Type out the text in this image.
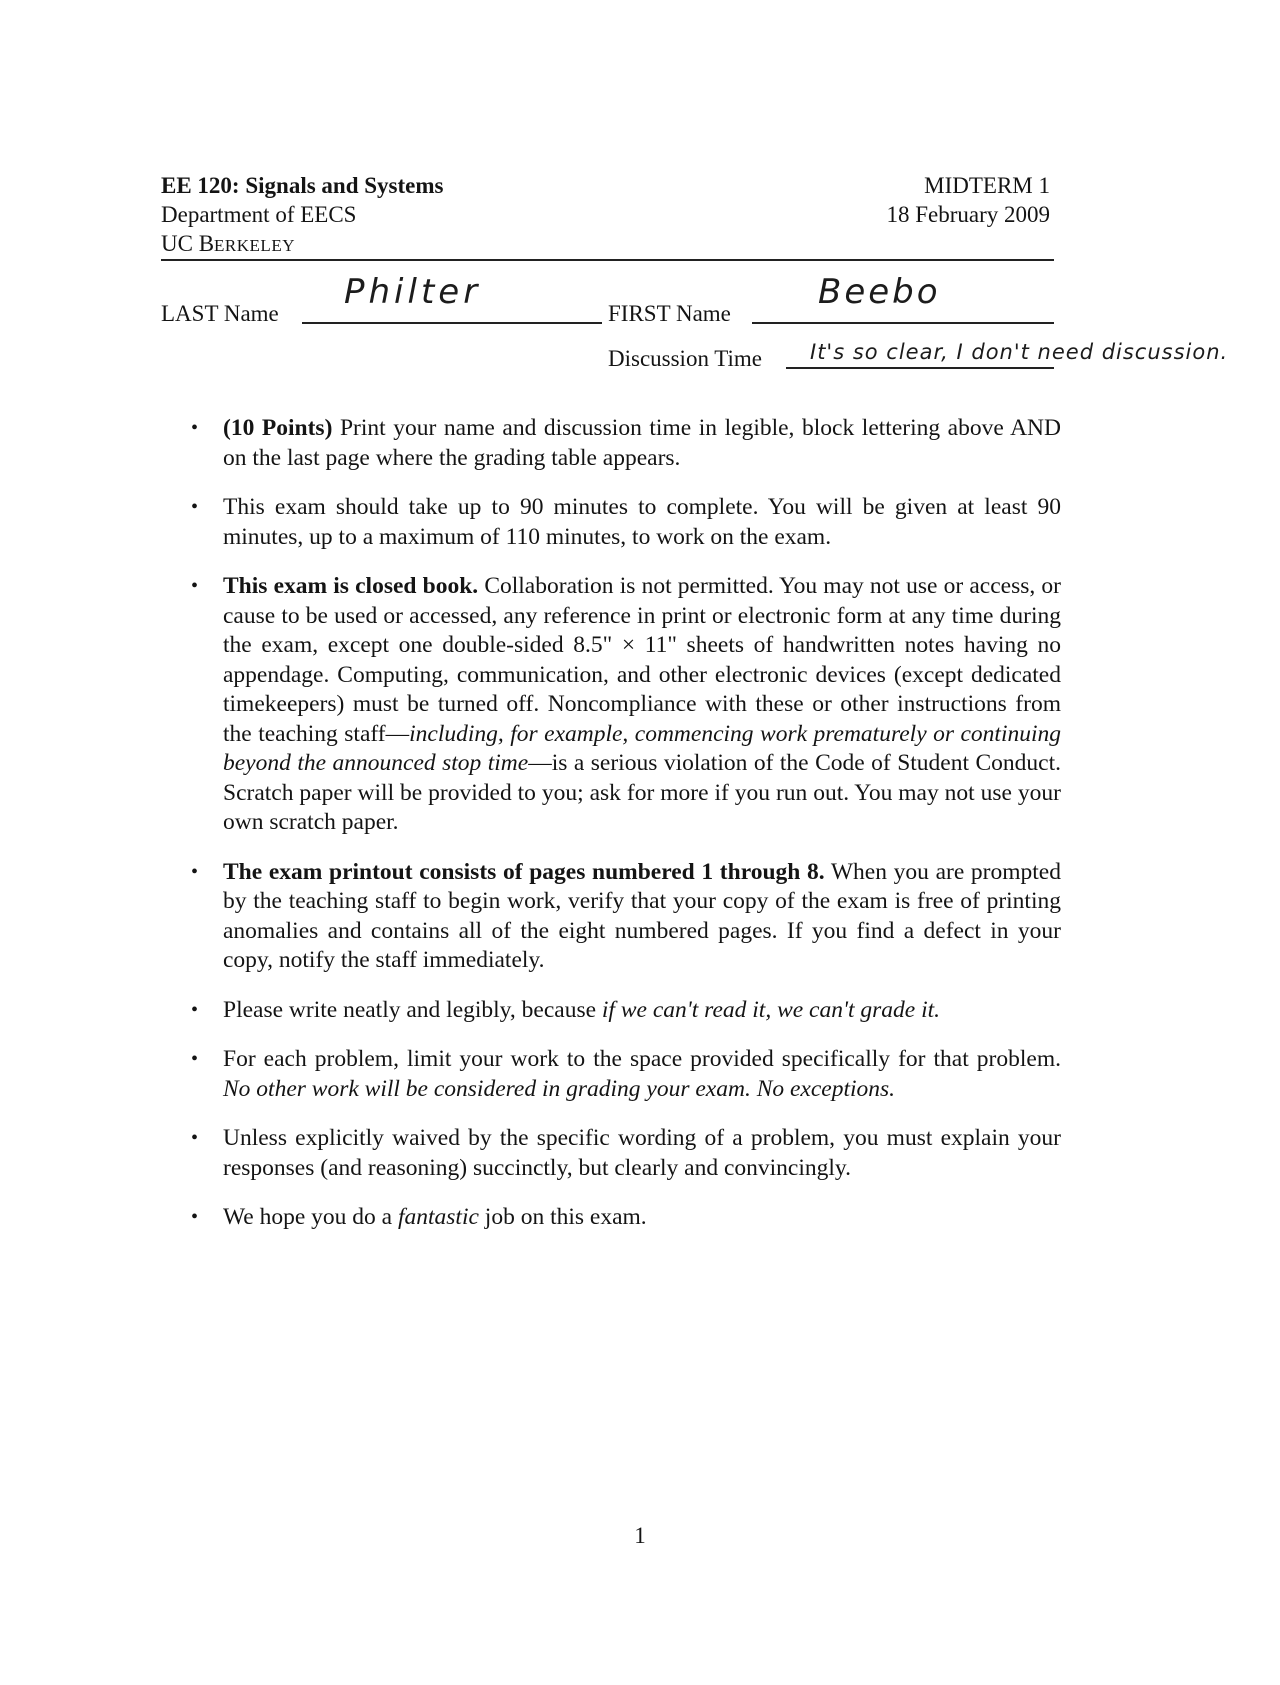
EE 120: Signals and Systems
Department of EECS
UC BERKELEY
MIDTERM 1
18 February 2009
LAST Name
Philter
FIRST Name
Beebo
Discussion Time It's so clear, I don't need discussion.
• (10 Points) Print your name and discussion time in legible, block lettering above AND on the last page where the grading table appears.
• This exam should take up to 90 minutes to complete. You will be given at least 90 minutes, up to a maximum of 110 minutes, to work on the exam.
• This exam is closed book. Collaboration is not permitted. You may not use or access, or cause to be used or accessed, any reference in print or electronic form at any time during the exam, except one double-sided 8.5" × 11" sheets of handwritten notes having no appendage. Computing, communication, and other electronic devices (except dedicated timekeepers) must be turned off. Noncompliance with these or other instructions from the teaching staff—including, for example, commencing work prematurely or continuing beyond the announced stop time—is a serious violation of the Code of Student Conduct. Scratch paper will be provided to you; ask for more if you run out. You may not use your own scratch paper.
• The exam printout consists of pages numbered 1 through 8. When you are prompted by the teaching staff to begin work, verify that your copy of the exam is free of printing anomalies and contains all of the eight numbered pages. If you find a defect in your copy, notify the staff immediately.
• Please write neatly and legibly, because if we can't read it, we can't grade it.
• For each problem, limit your work to the space provided specifically for that problem. No other work will be considered in grading your exam. No exceptions.
• Unless explicitly waived by the specific wording of a problem, you must explain your responses (and reasoning) succinctly, but clearly and convincingly.
• We hope you do a fantastic job on this exam.
1
